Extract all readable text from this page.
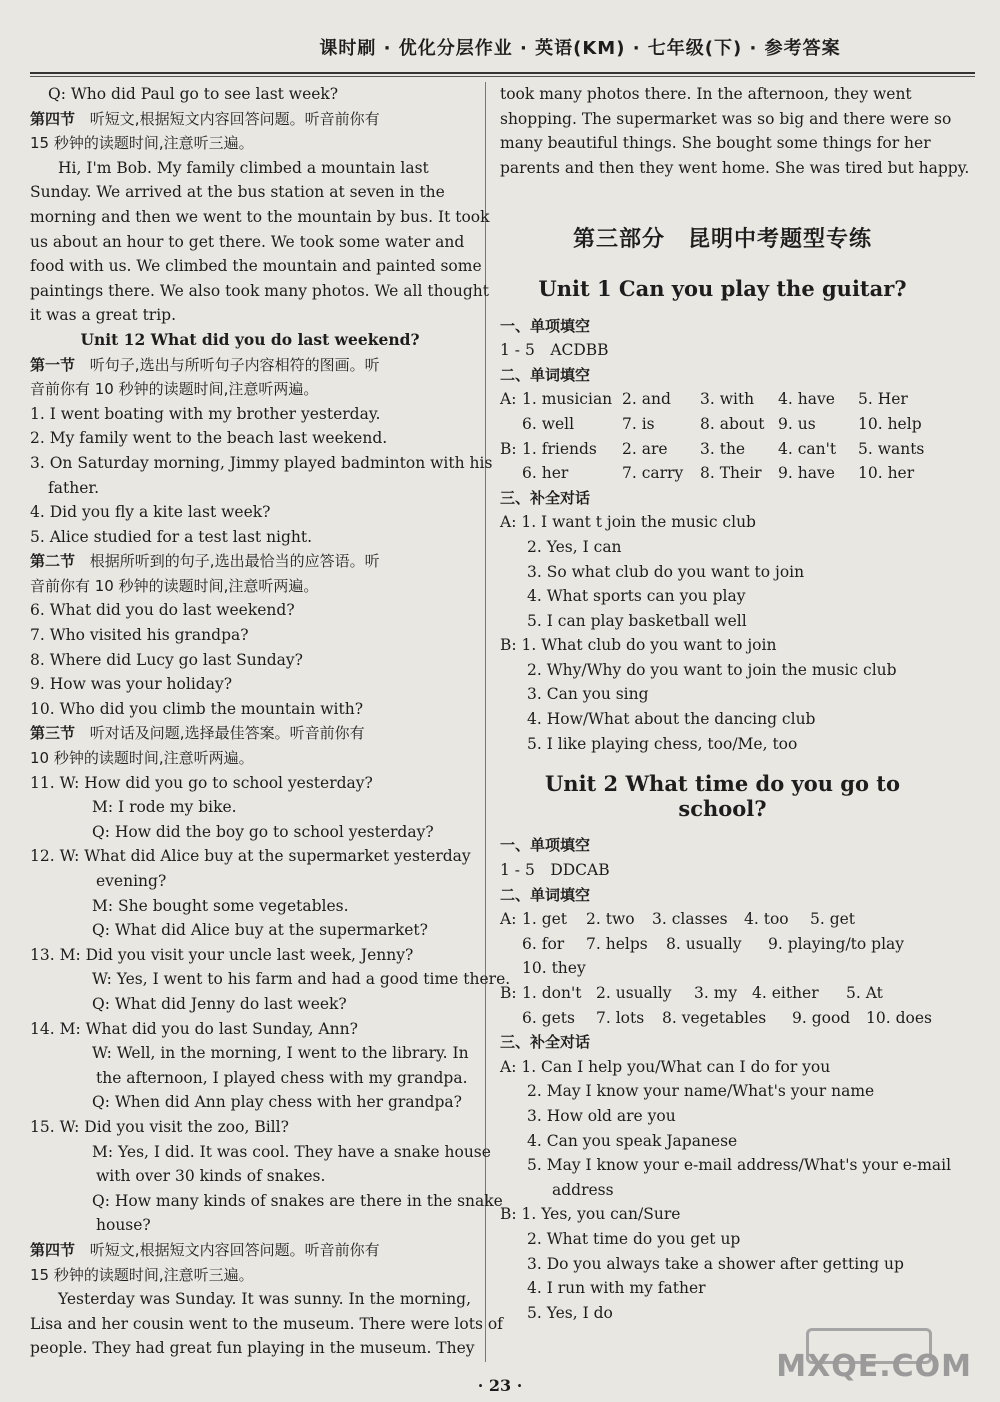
课时刷 · 优化分层作业 · 英语(KM) · 七年级(下) · 参考答案
Q: Who did Paul go to see last week?
第四节 听短文,根据短文内容回答问题。听音前你有
15 秒钟的读题时间,注意听三遍。
Hi, I'm Bob. My family climbed a mountain last
Sunday. We arrived at the bus station at seven in the
morning and then we went to the mountain by bus. It took
us about an hour to get there. We took some water and
food with us. We climbed the mountain and painted some
paintings there. We also took many photos. We all thought
it was a great trip.
Unit 12 What did you do last weekend?
第一节 听句子,选出与所听句子内容相符的图画。听
音前你有 10 秒钟的读题时间,注意听两遍。
1. I went boating with my brother yesterday.
2. My family went to the beach last weekend.
3. On Saturday morning, Jimmy played badminton with his
father.
4. Did you fly a kite last week?
5. Alice studied for a test last night.
第二节 根据所听到的句子,选出最恰当的应答语。听
音前你有 10 秒钟的读题时间,注意听两遍。
6. What did you do last weekend?
7. Who visited his grandpa?
8. Where did Lucy go last Sunday?
9. How was your holiday?
10. Who did you climb the mountain with?
第三节 听对话及问题,选择最佳答案。听音前你有
10 秒钟的读题时间,注意听两遍。
11. W: How did you go to school yesterday?
M: I rode my bike.
Q: How did the boy go to school yesterday?
12. W: What did Alice buy at the supermarket yesterday
evening?
M: She bought some vegetables.
Q: What did Alice buy at the supermarket?
13. M: Did you visit your uncle last week, Jenny?
W: Yes, I went to his farm and had a good time there.
Q: What did Jenny do last week?
14. M: What did you do last Sunday, Ann?
W: Well, in the morning, I went to the library. In
the afternoon, I played chess with my grandpa.
Q: When did Ann play chess with her grandpa?
15. W: Did you visit the zoo, Bill?
M: Yes, I did. It was cool. They have a snake house
with over 30 kinds of snakes.
Q: How many kinds of snakes are there in the snake
house?
第四节 听短文,根据短文内容回答问题。听音前你有
15 秒钟的读题时间,注意听三遍。
Yesterday was Sunday. It was sunny. In the morning,
Lisa and her cousin went to the museum. There were lots of
people. They had great fun playing in the museum. They
took many photos there. In the afternoon, they went
shopping. The supermarket was so big and there were so
many beautiful things. She bought some things for her
parents and then they went home. She was tired but happy.
第三部分　昆明中考题型专练
Unit 1 Can you play the guitar?
一、单项填空
1 - 5　ACDBB
二、单词填空
A: 1. musician 2. and	3. with	4. have	5. Her
6. well	7. is	8. about 9. us	10. help
B: 1. friends	2. are	3. the	4. can't	5. wants
6. her	7. carry	8. Their	9. have	10. her
三、补全对话
A: 1. I want t join the music club
2. Yes, I can
3. So what club do you want to join
4. What sports can you play
5. I can play basketball well
B: 1. What club do you want to join
2. Why/Why do you want to join the music club
3. Can you sing
4. How/What about the dancing club
5. I like playing chess, too/Me, too
Unit 2 What time do you go to school?
一、单项填空
1 - 5　DDCAB
二、单词填空
A: 1. get	2. two	3. classes	4. too	5. get
6. for	7. helps	8. usually	9. playing/to play
10. they
B: 1. don't 2. usually	3. my 4. either	5. At
6. gets	7. lots	8. vegetables	9. good	10. does
三、补全对话
A: 1. Can I help you/What can I do for you
2. May I know your name/What's your name
3. How old are you
4. Can you speak Japanese
5. May I know your e-mail address/What's your e-mail
address
B: 1. Yes, you can/Sure
2. What time do you get up
3. Do you always take a shower after getting up
4. I run with my father
5. Yes, I do
· 23 ·
MXQE.COM
